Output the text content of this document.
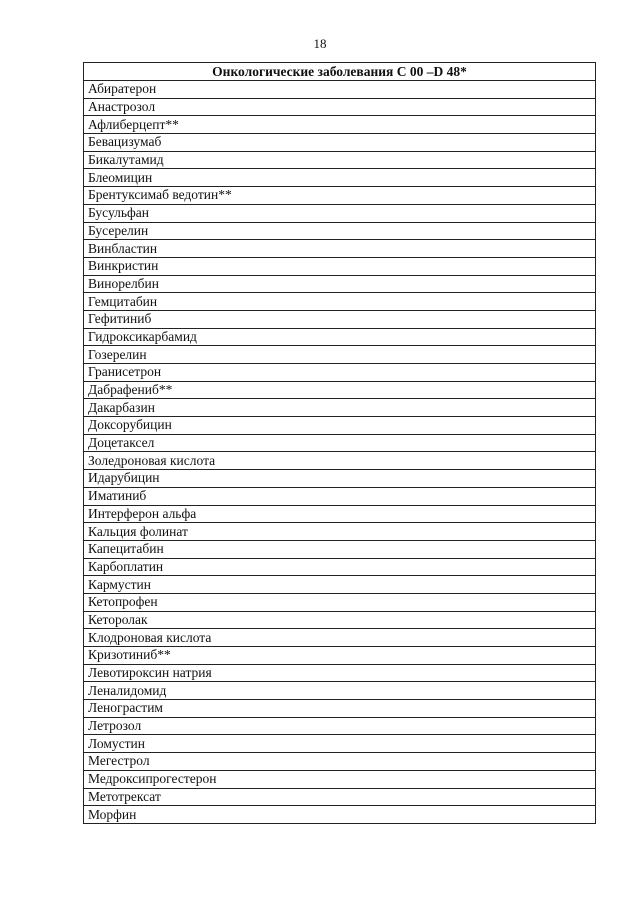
18
Онкологические заболевания С 00 –D 48*
Абиратерон
Анастрозол
Афлиберцепт**
Бевацизумаб
Бикалутамид
Блеомицин
Брентуксимаб ведотин**
Бусульфан
Бусерелин
Винбластин
Винкристин
Винорелбин
Гемцитабин
Гефитиниб
Гидроксикарбамид
Гозерелин
Гранисетрон
Дабрафениб**
Дакарбазин
Доксорубицин
Доцетаксел
Золедроновая кислота
Идарубицин
Иматиниб
Интерферон альфа
Кальция фолинат
Капецитабин
Карбоплатин
Кармустин
Кетопрофен
Кеторолак
Клодроновая кислота
Кризотиниб**
Левотироксин натрия
Леналидомид
Ленограстим
Летрозол
Ломустин
Мегестрол
Медроксипрогестерон
Метотрексат
Морфин
